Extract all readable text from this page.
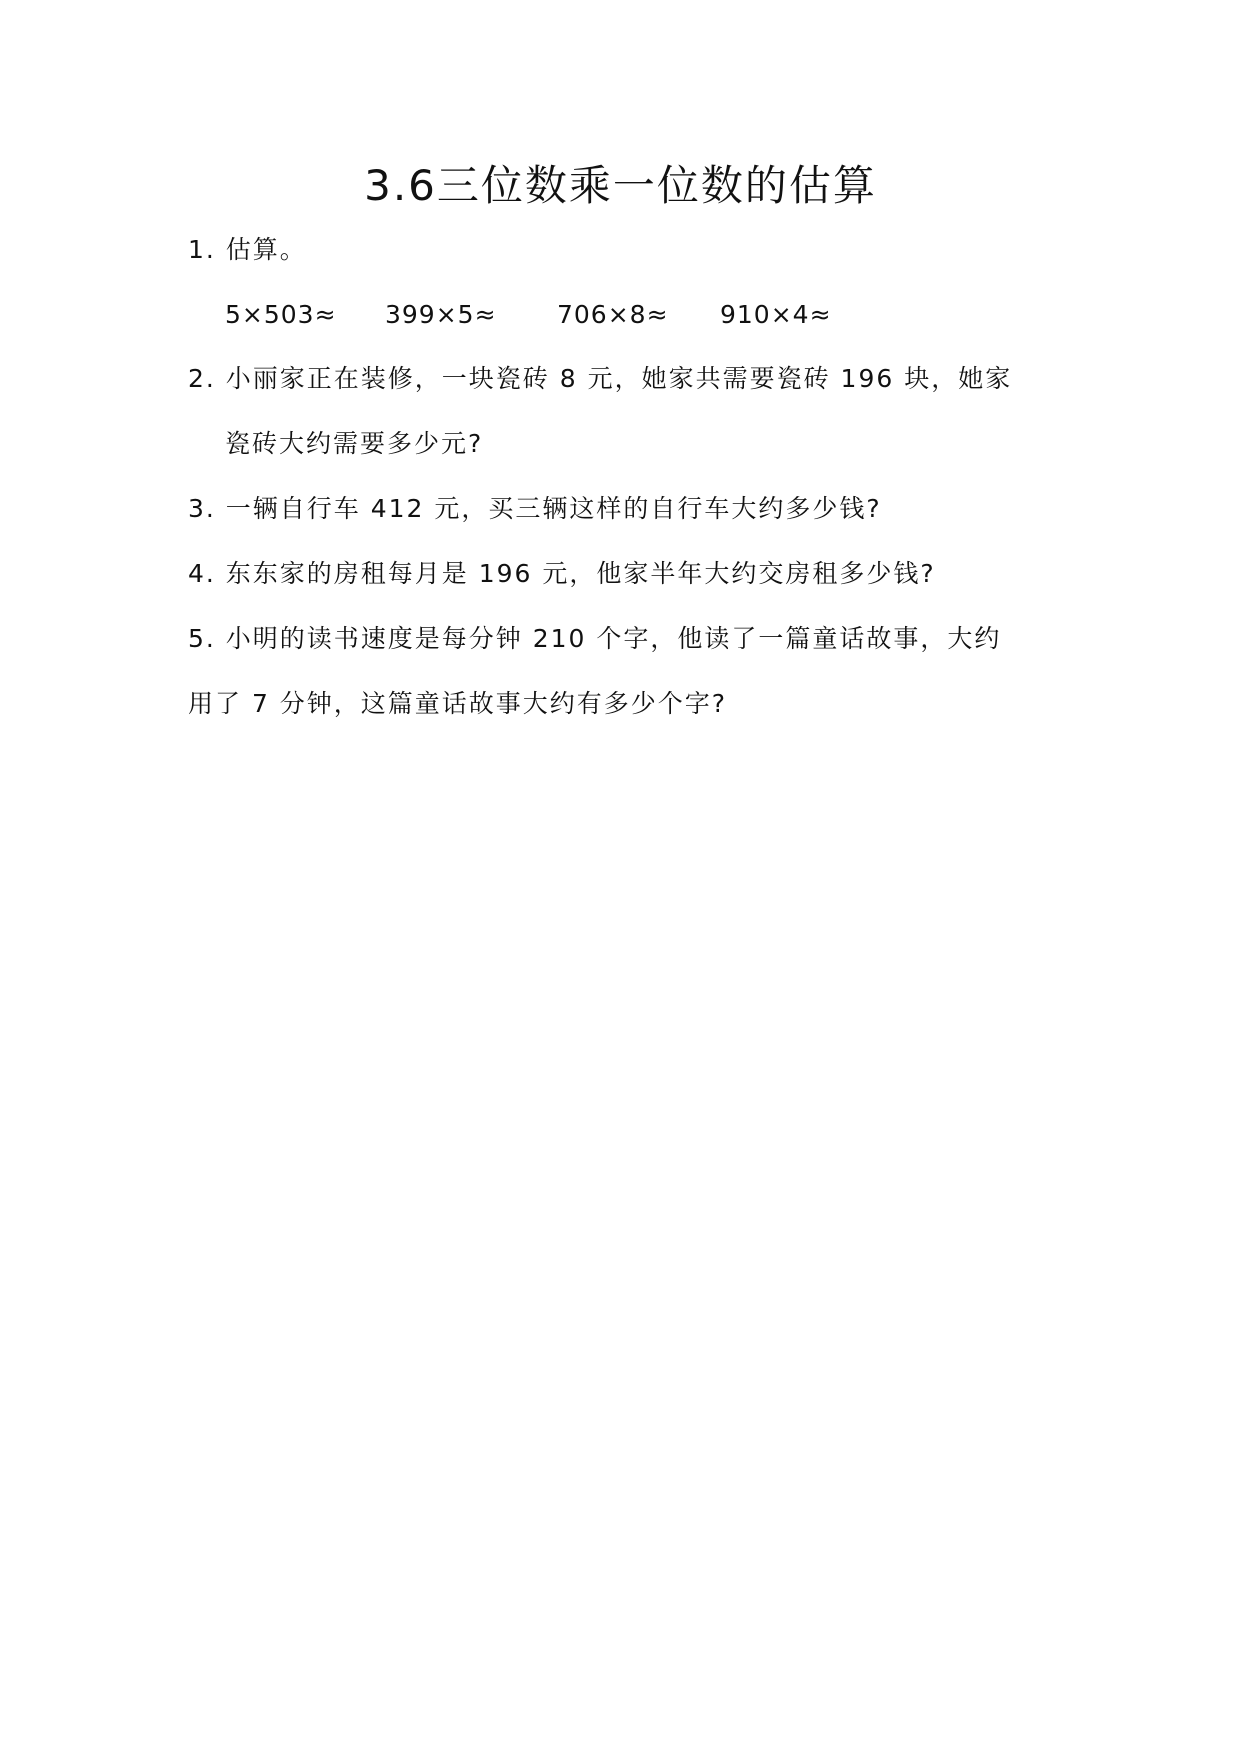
3.6三位数乘一位数的估算
1. 估算。
5×503≈ 399×5≈ 706×8≈ 910×4≈
2. 小丽家正在装修，一块瓷砖 8 元，她家共需要瓷砖 196 块，她家
瓷砖大约需要多少元?
3. 一辆自行车 412 元，买三辆这样的自行车大约多少钱?
4. 东东家的房租每月是 196 元，他家半年大约交房租多少钱?
5. 小明的读书速度是每分钟 210 个字，他读了一篇童话故事，大约
用了 7 分钟，这篇童话故事大约有多少个字?
